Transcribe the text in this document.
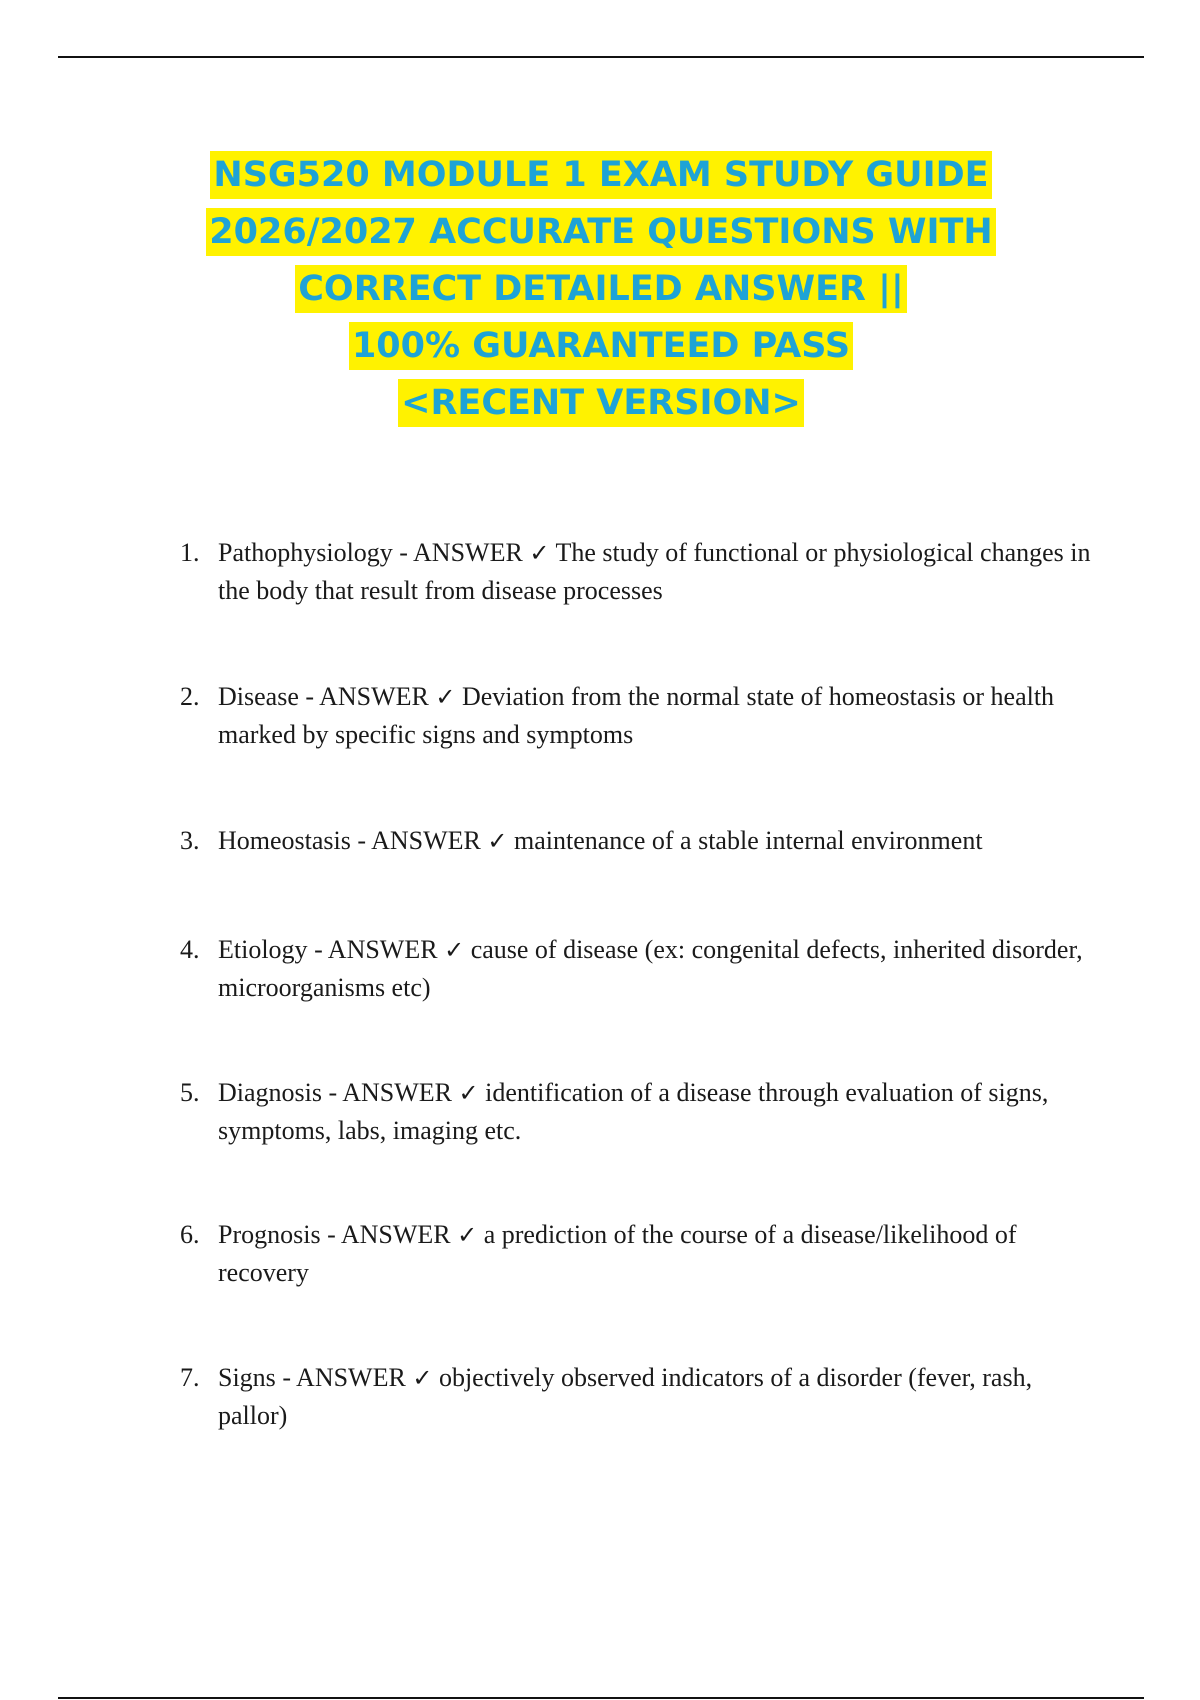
NSG520 MODULE 1 EXAM STUDY GUIDE
2026/2027 ACCURATE QUESTIONS WITH
CORRECT DETAILED ANSWER ||
100% GUARANTEED PASS
<RECENT VERSION>
1. Pathophysiology - ANSWER ✓ The study of functional or physiological changes in the body that result from disease processes
2. Disease - ANSWER ✓ Deviation from the normal state of homeostasis or health marked by specific signs and symptoms
3. Homeostasis - ANSWER ✓ maintenance of a stable internal environment
4. Etiology - ANSWER ✓ cause of disease (ex: congenital defects, inherited disorder, microorganisms etc)
5. Diagnosis - ANSWER ✓ identification of a disease through evaluation of signs, symptoms, labs, imaging etc.
6. Prognosis - ANSWER ✓ a prediction of the course of a disease/likelihood of recovery
7. Signs - ANSWER ✓ objectively observed indicators of a disorder (fever, rash, pallor)
